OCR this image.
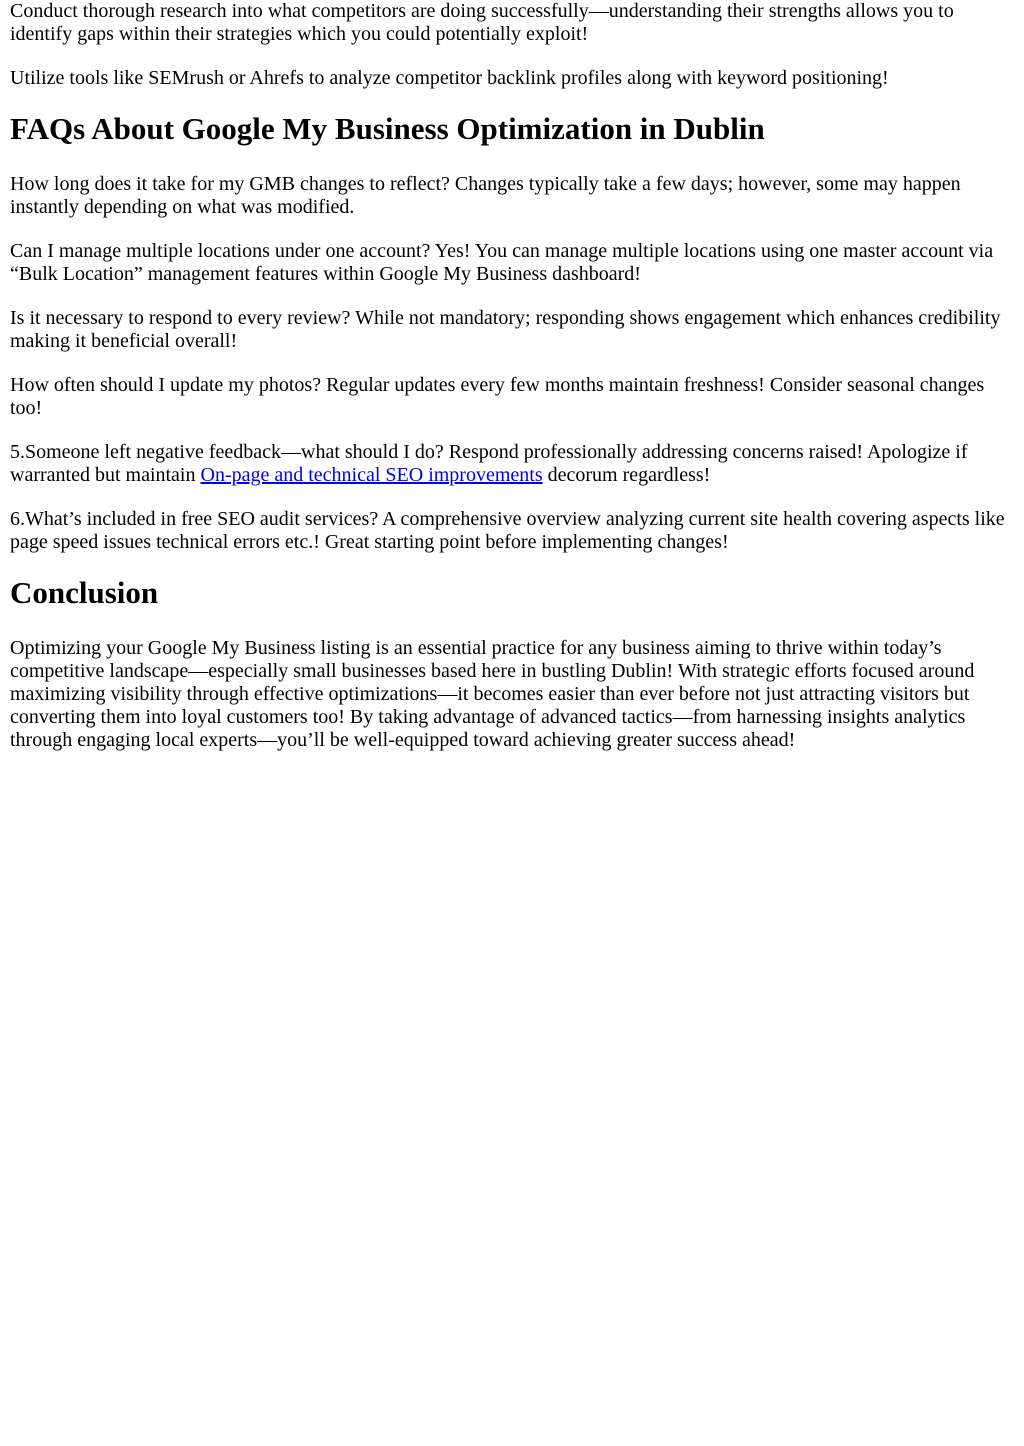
Conduct thorough research into what competitors are doing successfully—understanding their strengths allows you to identify gaps within their strategies which you could potentially exploit!

Utilize tools like SEMrush or Ahrefs to analyze competitor backlink profiles along with keyword positioning!

FAQs About Google My Business Optimization in Dublin

How long does it take for my GMB changes to reflect? Changes typically take a few days; however, some may happen instantly depending on what was modified.

Can I manage multiple locations under one account? Yes! You can manage multiple locations using one master account via “Bulk Location” management features within Google My Business dashboard!

Is it necessary to respond to every review? While not mandatory; responding shows engagement which enhances credibility making it beneficial overall!

How often should I update my photos? Regular updates every few months maintain freshness! Consider seasonal changes too!

5.Someone left negative feedback—what should I do? Respond professionally addressing concerns raised! Apologize if warranted but maintain On-page and technical SEO improvements decorum regardless!

6.What’s included in free SEO audit services? A comprehensive overview analyzing current site health covering aspects like page speed issues technical errors etc.! Great starting point before implementing changes!

Conclusion

Optimizing your Google My Business listing is an essential practice for any business aiming to thrive within today’s competitive landscape—especially small businesses based here in bustling Dublin! With strategic efforts focused around maximizing visibility through effective optimizations—it becomes easier than ever before not just attracting visitors but converting them into loyal customers too! By taking advantage of advanced tactics—from harnessing insights analytics through engaging local experts—you’ll be well-equipped toward achieving greater success ahead!
